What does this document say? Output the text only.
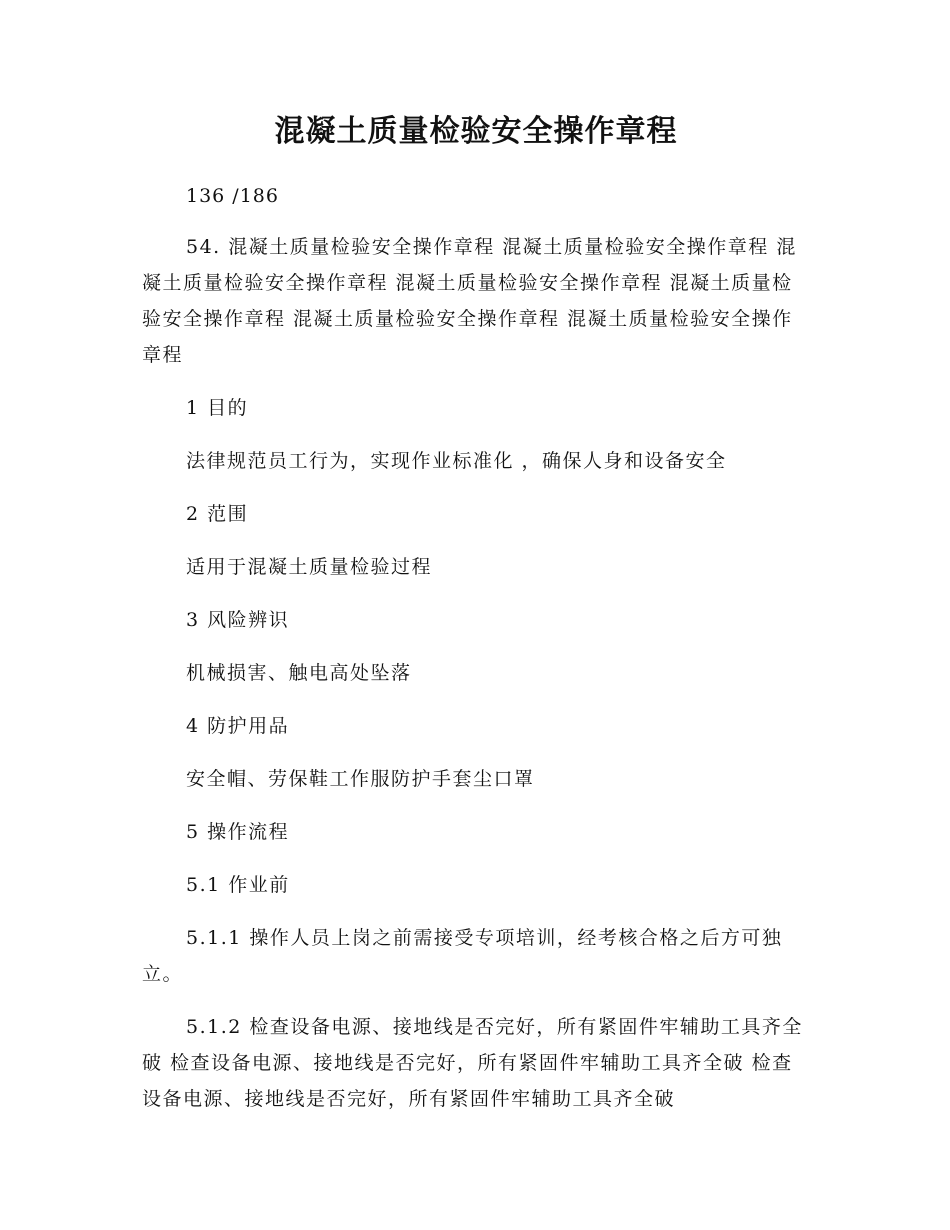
混凝土质量检验安全操作章程

136 /186

54. 混凝土质量检验安全操作章程 混凝土质量检验安全操作章程 混凝土质量检验安全操作章程 混凝土质量检验安全操作章程 混凝土质量检验安全操作章程 混凝土质量检验安全操作章程 混凝土质量检验安全操作章程

1 目的

法律规范员工行为，实现作业标准化 ，确保人身和设备安全

2 范围

适用于混凝土质量检验过程

3 风险辨识

机械损害、触电高处坠落

4 防护用品

安全帽、劳保鞋工作服防护手套尘口罩

5 操作流程

5.1 作业前

5.1.1 操作人员上岗之前需接受专项培训，经考核合格之后方可独立。

5.1.2 检查设备电源、接地线是否完好，所有紧固件牢辅助工具齐全破 检查设备电源、接地线是否完好，所有紧固件牢辅助工具齐全破 检查设备电源、接地线是否完好，所有紧固件牢辅助工具齐全破
